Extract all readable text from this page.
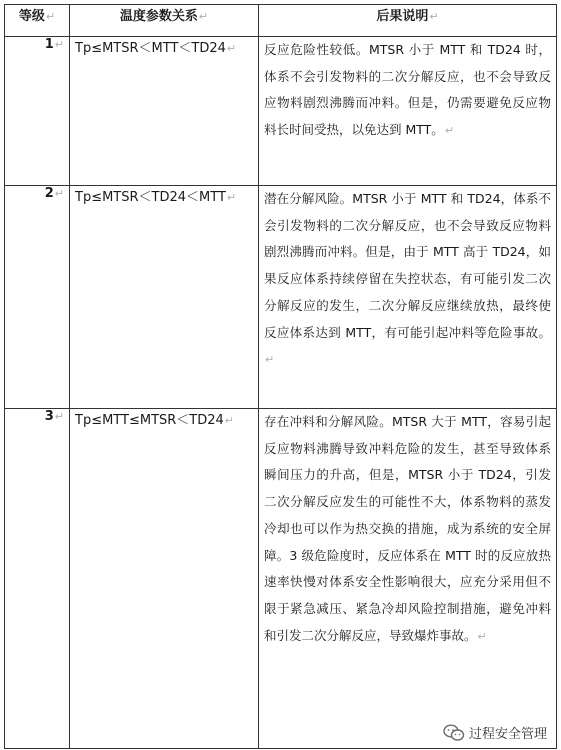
等级↵	温度参数关系↵	后果说明↵
1↵	Tp≤MTSR＜MTT＜TD24↵	反应危险性较低。MTSR 小于 MTT 和 TD24 时，体系不会引发物料的二次分解反应，也不会导致反应物料剧烈沸腾而冲料。但是，仍需要避免反应物料长时间受热，以免达到 MTT。↵
2↵	Tp≤MTSR＜TD24＜MTT↵	潜在分解风险。MTSR 小于 MTT 和 TD24，体系不会引发物料的二次分解反应，也不会导致反应物料剧烈沸腾而冲料。但是，由于 MTT 高于 TD24，如果反应体系持续停留在失控状态，有可能引发二次分解反应的发生，二次分解反应继续放热，最终使反应体系达到 MTT，有可能引起冲料等危险事故。↵
3↵	Tp≤MTT≤MTSR＜TD24↵	存在冲料和分解风险。MTSR 大于 MTT，容易引起反应物料沸腾导致冲料危险的发生，甚至导致体系瞬间压力的升高，但是，MTSR 小于 TD24，引发二次分解反应发生的可能性不大，体系物料的蒸发冷却也可以作为热交换的措施，成为系统的安全屏障。3 级危险度时，反应体系在 MTT 时的反应放热速率快慢对体系安全性影响很大，应充分采用但不限于紧急减压、紧急冷却风险控制措施，避免冲料和引发二次分解反应，导致爆炸事故。↵
过程安全管理
